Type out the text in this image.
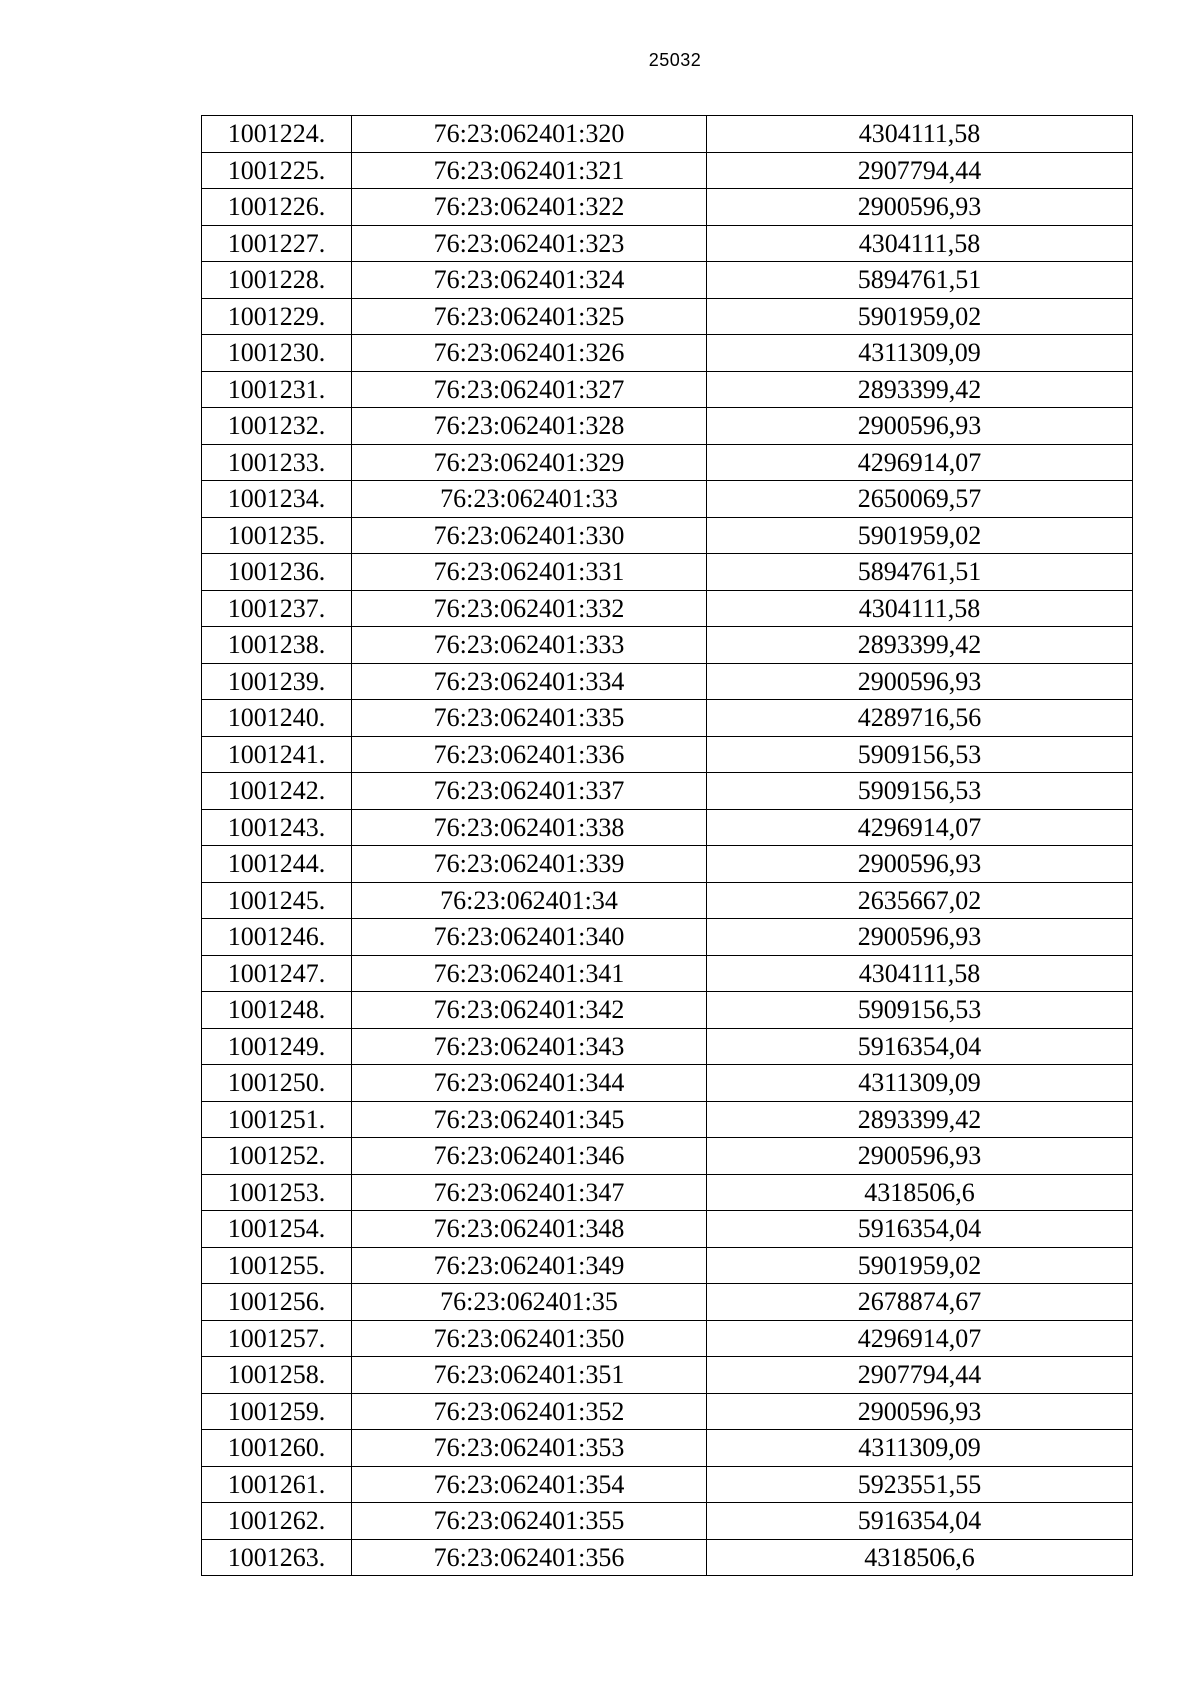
25032
1001224.	76:23:062401:320	4304111,58
1001225.	76:23:062401:321	2907794,44
1001226.	76:23:062401:322	2900596,93
1001227.	76:23:062401:323	4304111,58
1001228.	76:23:062401:324	5894761,51
1001229.	76:23:062401:325	5901959,02
1001230.	76:23:062401:326	4311309,09
1001231.	76:23:062401:327	2893399,42
1001232.	76:23:062401:328	2900596,93
1001233.	76:23:062401:329	4296914,07
1001234.	76:23:062401:33	2650069,57
1001235.	76:23:062401:330	5901959,02
1001236.	76:23:062401:331	5894761,51
1001237.	76:23:062401:332	4304111,58
1001238.	76:23:062401:333	2893399,42
1001239.	76:23:062401:334	2900596,93
1001240.	76:23:062401:335	4289716,56
1001241.	76:23:062401:336	5909156,53
1001242.	76:23:062401:337	5909156,53
1001243.	76:23:062401:338	4296914,07
1001244.	76:23:062401:339	2900596,93
1001245.	76:23:062401:34	2635667,02
1001246.	76:23:062401:340	2900596,93
1001247.	76:23:062401:341	4304111,58
1001248.	76:23:062401:342	5909156,53
1001249.	76:23:062401:343	5916354,04
1001250.	76:23:062401:344	4311309,09
1001251.	76:23:062401:345	2893399,42
1001252.	76:23:062401:346	2900596,93
1001253.	76:23:062401:347	4318506,6
1001254.	76:23:062401:348	5916354,04
1001255.	76:23:062401:349	5901959,02
1001256.	76:23:062401:35	2678874,67
1001257.	76:23:062401:350	4296914,07
1001258.	76:23:062401:351	2907794,44
1001259.	76:23:062401:352	2900596,93
1001260.	76:23:062401:353	4311309,09
1001261.	76:23:062401:354	5923551,55
1001262.	76:23:062401:355	5916354,04
1001263.	76:23:062401:356	4318506,6
